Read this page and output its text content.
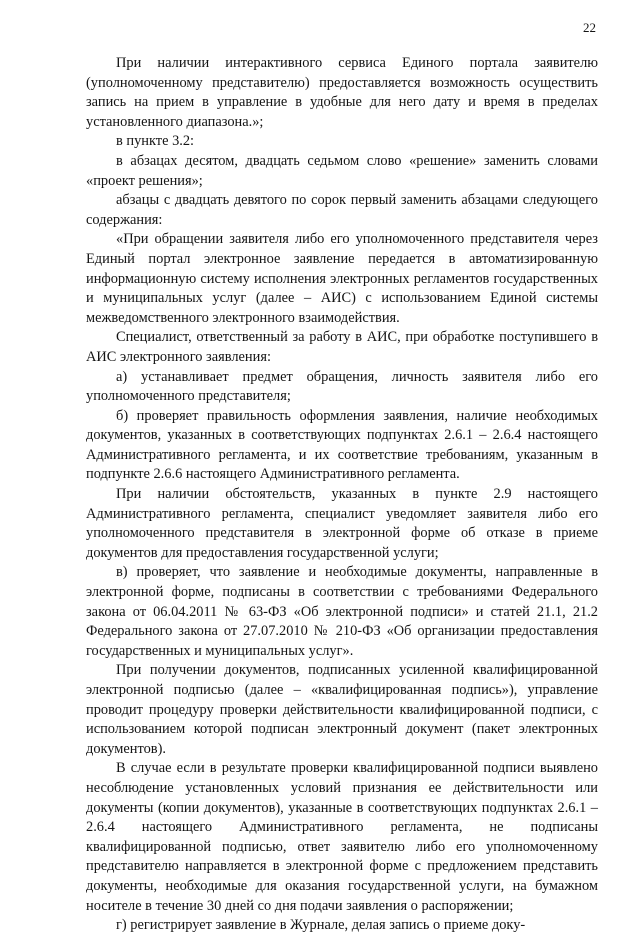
22

При наличии интерактивного сервиса Единого портала заявителю (уполномоченному представителю) предоставляется возможность осуществить запись на прием в управление в удобные для него дату и время в пределах установленного диапазона.»;

в пункте 3.2:

в абзацах десятом, двадцать седьмом слово «решение» заменить словами «проект решения»;

абзацы с двадцать девятого по сорок первый заменить абзацами следующего содержания:

«При обращении заявителя либо его уполномоченного представителя через Единый портал электронное заявление передается в автоматизированную информационную систему исполнения электронных регламентов государственных и муниципальных услуг (далее – АИС) с использованием Единой системы межведомственного электронного взаимодействия.

Специалист, ответственный за работу в АИС, при обработке поступившего в АИС электронного заявления:

а) устанавливает предмет обращения, личность заявителя либо его уполномоченного представителя;

б) проверяет правильность оформления заявления, наличие необходимых документов, указанных в соответствующих подпунктах 2.6.1 – 2.6.4 настоящего Административного регламента, и их соответствие требованиям, указанным в подпункте 2.6.6 настоящего Административного регламента.

При наличии обстоятельств, указанных в пункте 2.9 настоящего Административного регламента, специалист уведомляет заявителя либо его уполномоченного представителя в электронной форме об отказе в приеме документов для предоставления государственной услуги;

в) проверяет, что заявление и необходимые документы, направленные в электронной форме, подписаны в соответствии с требованиями Федерального закона от 06.04.2011 № 63-ФЗ «Об электронной подписи» и статей 21.1, 21.2 Федерального закона от 27.07.2010 № 210-ФЗ «Об организации предоставления государственных и муниципальных услуг».

При получении документов, подписанных усиленной квалифицированной электронной подписью (далее – «квалифицированная подпись»), управление проводит процедуру проверки действительности квалифицированной подписи, с использованием которой подписан электронный документ (пакет электронных документов).

В случае если в результате проверки квалифицированной подписи выявлено несоблюдение установленных условий признания ее действительности или документы (копии документов), указанные в соответствующих подпунктах 2.6.1 – 2.6.4 настоящего Административного регламента, не подписаны квалифицированной подписью, ответ заявителю либо его уполномоченному представителю направляется в электронной форме с предложением представить документы, необходимые для оказания государственной услуги, на бумажном носителе в течение 30 дней со дня подачи заявления о распоряжении;

г) регистрирует заявление в Журнале, делая запись о приеме доку-
